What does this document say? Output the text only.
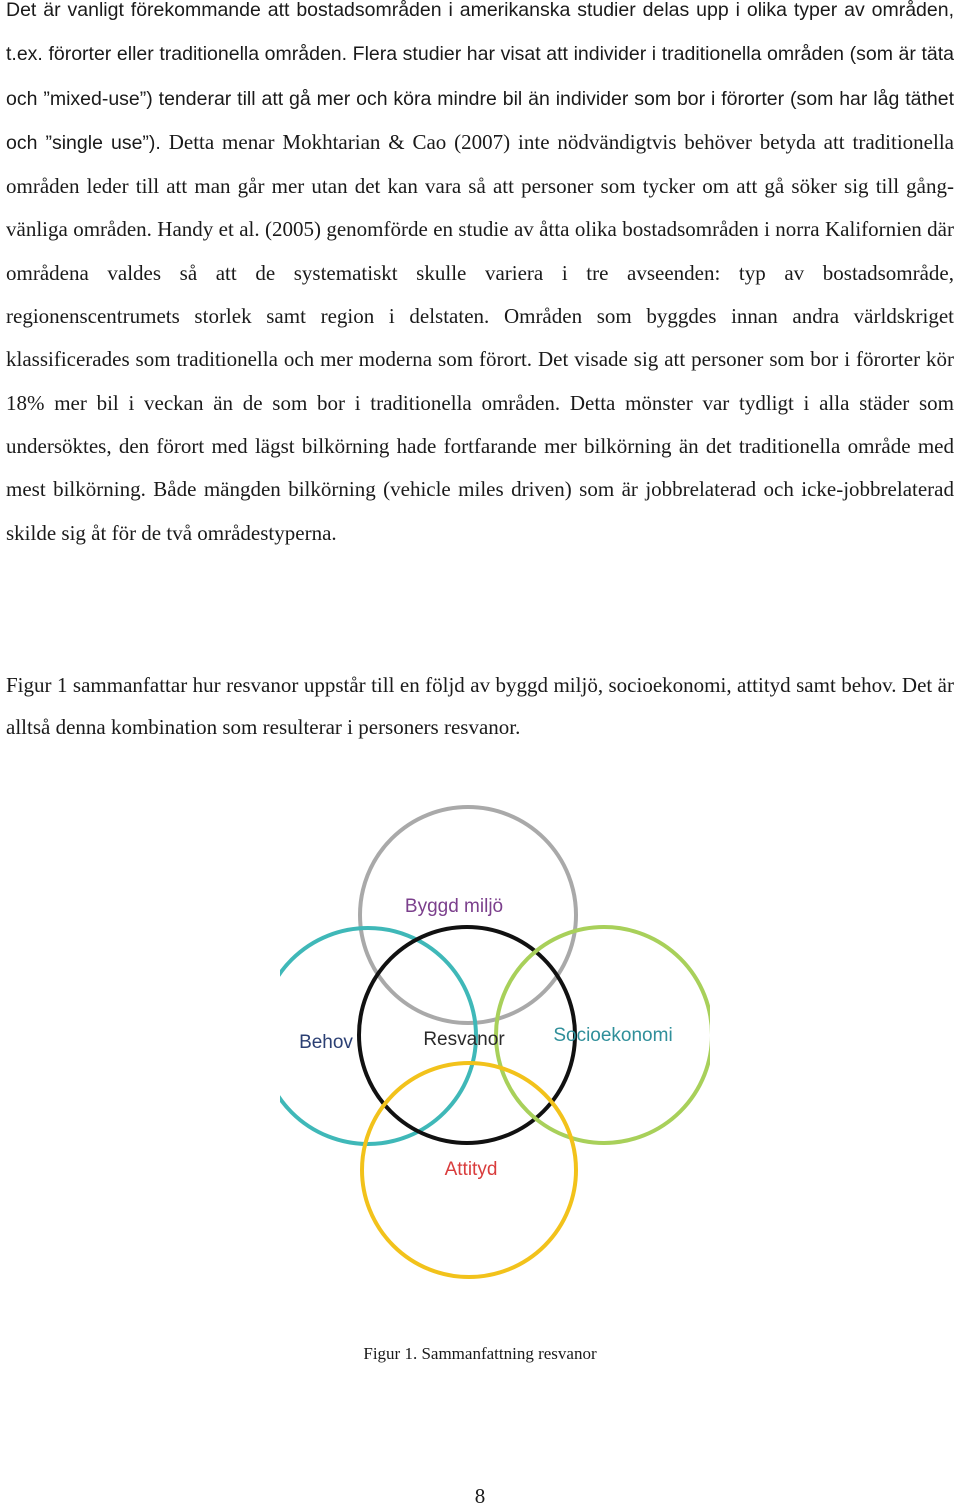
Det är vanligt förekommande att bostadsområden i amerikanska studier delas upp i olika typer av områden, t.ex. förorter eller traditionella områden. Flera studier har visat att individer i traditionella områden (som är täta och ”mixed-use”) tenderar till att gå mer och köra mindre bil än individer som bor i förorter (som har låg täthet och ”single use”). Detta menar Mokhtarian & Cao (2007) inte nödvändigtvis behöver betyda att traditionella områden leder till att man går mer utan det kan vara så att personer som tycker om att gå söker sig till gång-vänliga områden. Handy et al. (2005) genomförde en studie av åtta olika bostadsområden i norra Kalifornien där områdena valdes så att de systematiskt skulle variera i tre avseenden: typ av bostadsområde, regionenscentrumets storlek samt region i delstaten. Områden som byggdes innan andra världskriget klassificerades som traditionella och mer moderna som förort. Det visade sig att personer som bor i förorter kör 18% mer bil i veckan än de som bor i traditionella områden. Detta mönster var tydligt i alla städer som undersöktes, den förort med lägst bilkörning hade fortfarande mer bilkörning än det traditionella område med mest bilkörning. Både mängden bilkörning (vehicle miles driven) som är jobbrelaterad och icke-jobbrelaterad skilde sig åt för de två områdestyperna.

Figur 1 sammanfattar hur resvanor uppstår till en följd av byggd miljö, socioekonomi, attityd samt behov. Det är alltså denna kombination som resulterar i personers resvanor.

Byggd miljö
Behov	Resvanor	Socioekonomi
Attityd

Figur 1. Sammanfattning resvanor

8
